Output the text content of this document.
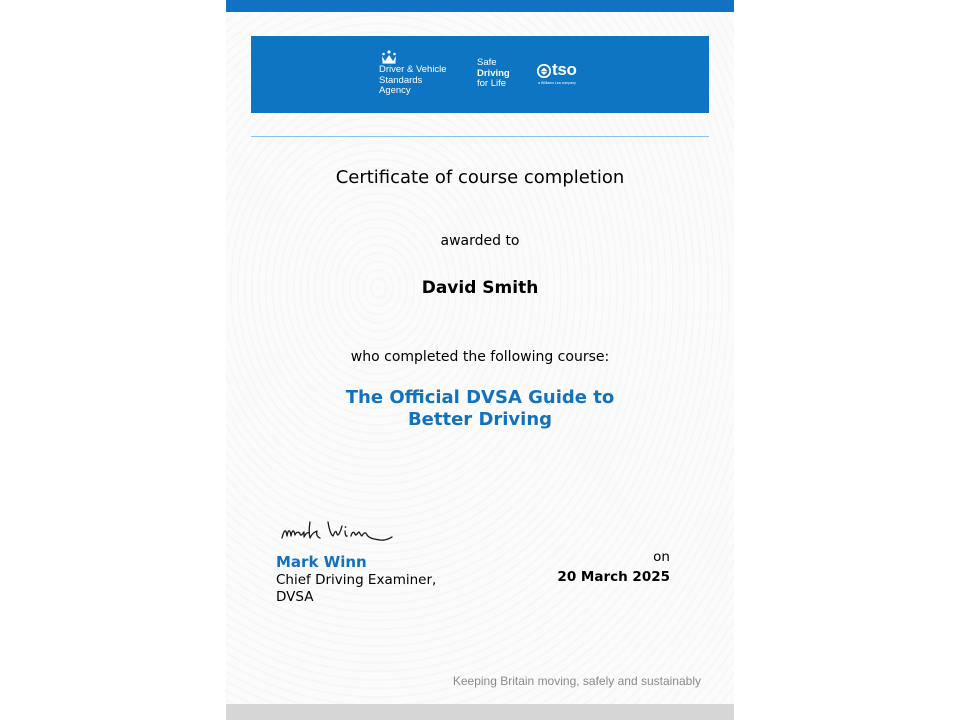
Driver & Vehicle
Standards
Agency
Safe
Driving
for Life
tso
a Williams Lea company
Certificate of course completion
awarded to
David Smith
who completed the following course:
The Official DVSA Guide to
Better Driving
Mark Winn
Chief Driving Examiner,
DVSA
on
20 March 2025
Keeping Britain moving, safely and sustainably
